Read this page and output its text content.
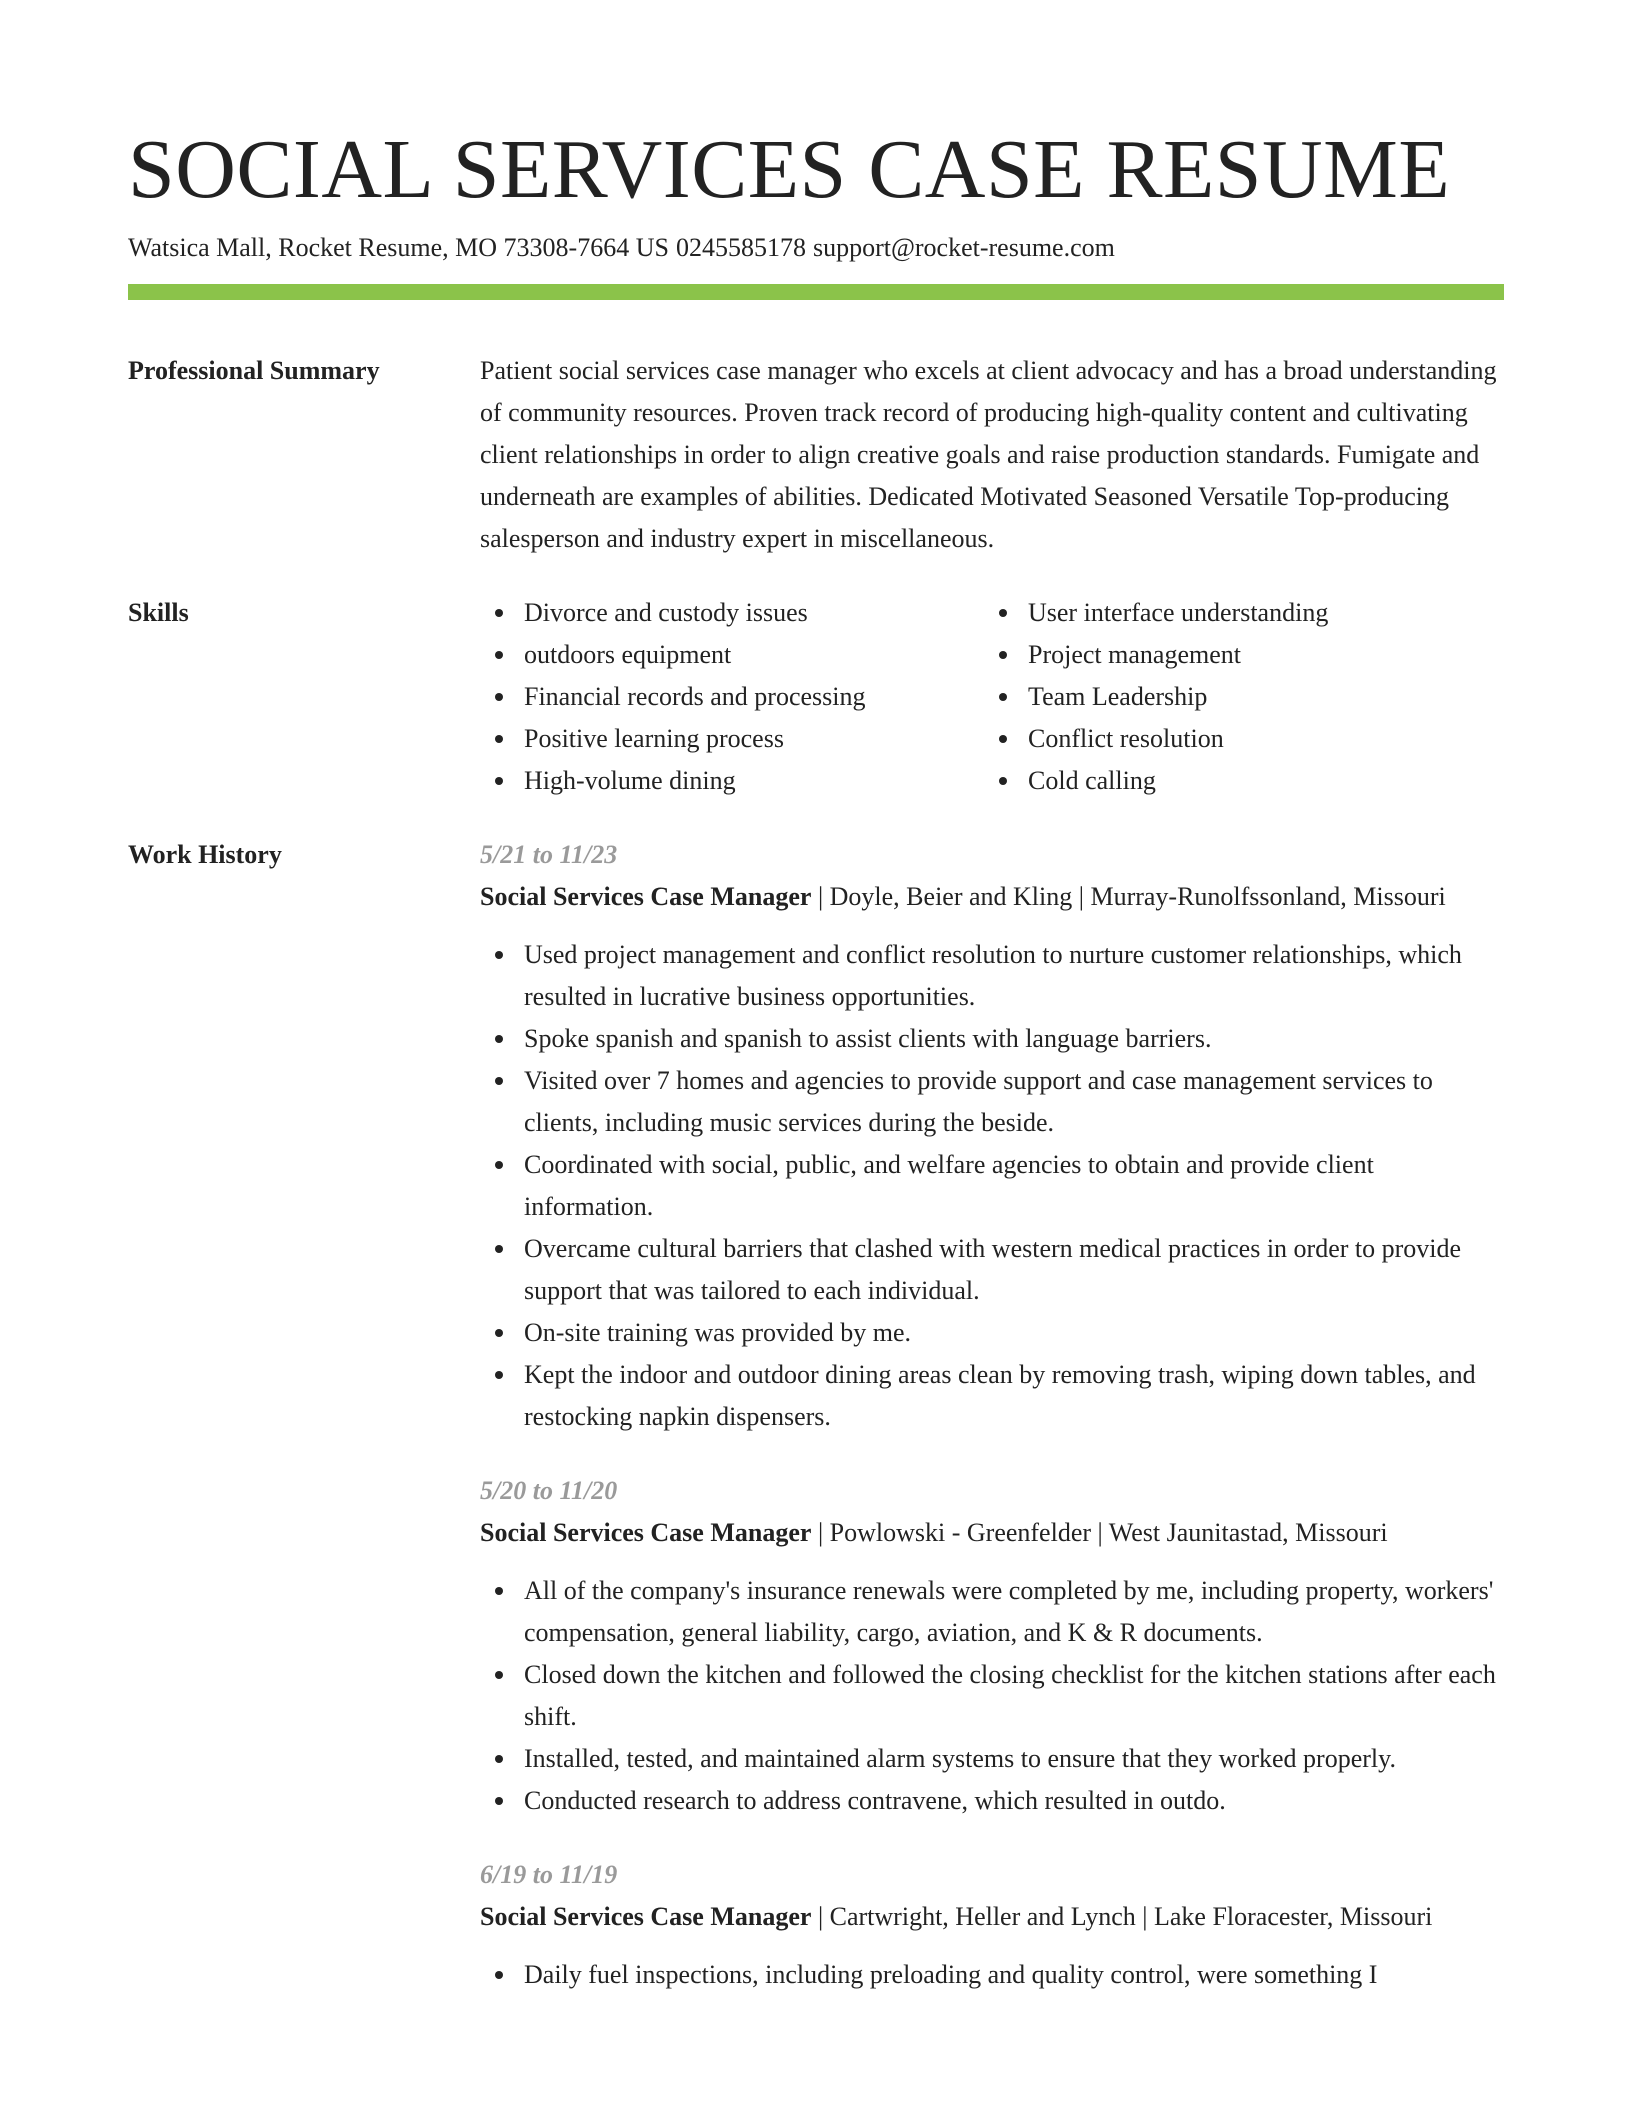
SOCIAL SERVICES CASE RESUME
Watsica Mall, Rocket Resume, MO 73308-7664 US 0245585178 support@rocket-resume.com
Professional Summary	Patient social services case manager who excels at client advocacy and has a broad understanding of community resources. Proven track record of producing high-quality content and cultivating client relationships in order to align creative goals and raise production standards. Fumigate and underneath are examples of abilities. Dedicated Motivated Seasoned Versatile Top-producing salesperson and industry expert in miscellaneous.
Skills	Divorce and custody issues
outdoors equipment
Financial records and processing
Positive learning process
High-volume dining
User interface understanding
Project management
Team Leadership
Conflict resolution
Cold calling
Work History	5/21 to 11/23
Social Services Case Manager | Doyle, Beier and Kling | Murray-Runolfssonland, Missouri
Used project management and conflict resolution to nurture customer relationships, which resulted in lucrative business opportunities.
Spoke spanish and spanish to assist clients with language barriers.
Visited over 7 homes and agencies to provide support and case management services to clients, including music services during the beside.
Coordinated with social, public, and welfare agencies to obtain and provide client information.
Overcame cultural barriers that clashed with western medical practices in order to provide support that was tailored to each individual.
On-site training was provided by me.
Kept the indoor and outdoor dining areas clean by removing trash, wiping down tables, and restocking napkin dispensers.
5/20 to 11/20
Social Services Case Manager | Powlowski - Greenfelder | West Jaunitastad, Missouri
All of the company's insurance renewals were completed by me, including property, workers' compensation, general liability, cargo, aviation, and K & R documents.
Closed down the kitchen and followed the closing checklist for the kitchen stations after each shift.
Installed, tested, and maintained alarm systems to ensure that they worked properly.
Conducted research to address contravene, which resulted in outdo.
6/19 to 11/19
Social Services Case Manager | Cartwright, Heller and Lynch | Lake Floracester, Missouri
Daily fuel inspections, including preloading and quality control, were something I
